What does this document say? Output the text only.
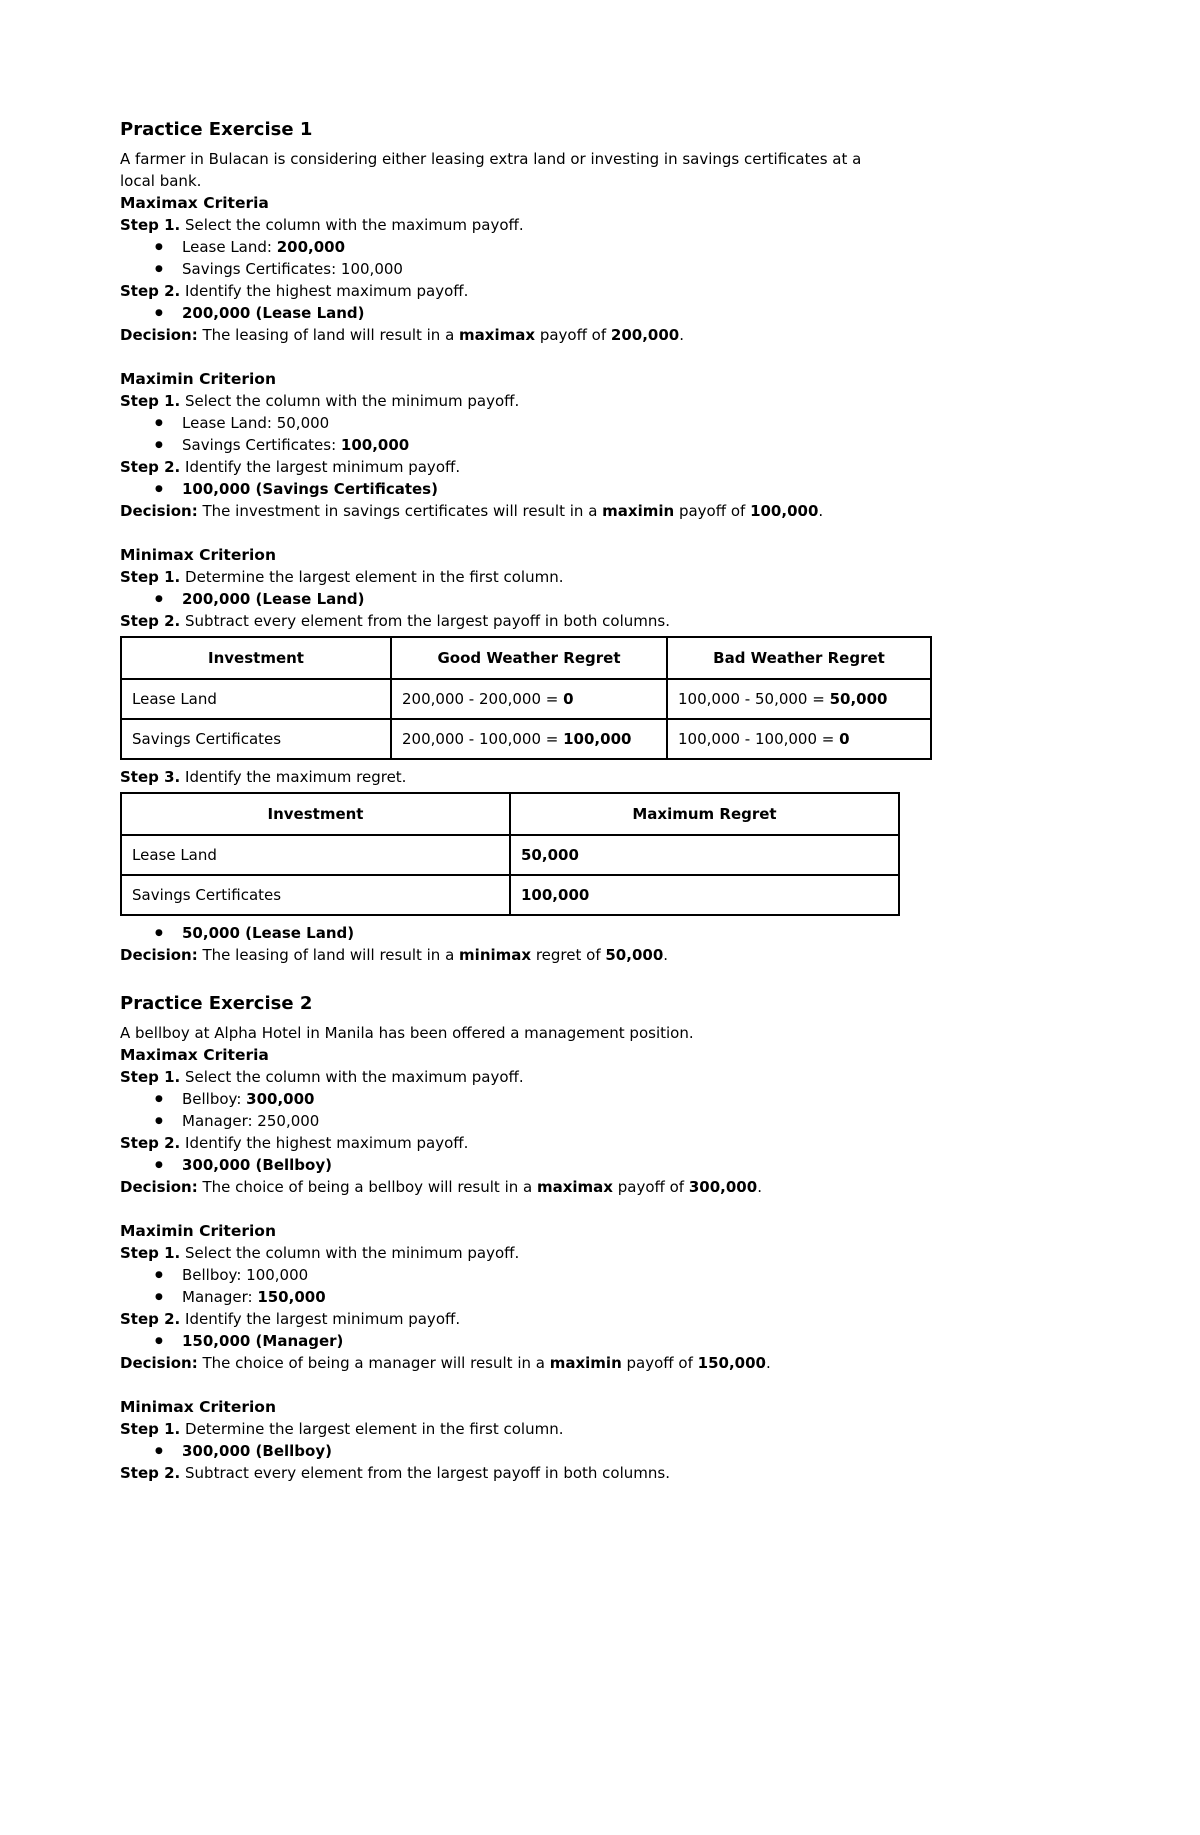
Practice Exercise 1

A farmer in Bulacan is considering either leasing extra land or investing in savings certificates at a local bank.

Maximax Criteria

Step 1. Select the column with the maximum payoff.

● Lease Land: 200,000
● Savings Certificates: 100,000

Step 2. Identify the highest maximum payoff.

● 200,000 (Lease Land)

Decision: The leasing of land will result in a maximax payoff of 200,000.

Maximin Criterion

Step 1. Select the column with the minimum payoff.

● Lease Land: 50,000
● Savings Certificates: 100,000

Step 2. Identify the largest minimum payoff.

● 100,000 (Savings Certificates)

Decision: The investment in savings certificates will result in a maximin payoff of 100,000.

Minimax Criterion

Step 1. Determine the largest element in the first column.

● 200,000 (Lease Land)

Step 2. Subtract every element from the largest payoff in both columns.

Investment	Good Weather Regret	Bad Weather Regret
Lease Land	200,000 - 200,000 = 0	100,000 - 50,000 = 50,000
Savings Certificates	200,000 - 100,000 = 100,000	100,000 - 100,000 = 0

Step 3. Identify the maximum regret.

Investment	Maximum Regret
Lease Land	50,000
Savings Certificates	100,000
● 50,000 (Lease Land)

Decision: The leasing of land will result in a minimax regret of 50,000.

Practice Exercise 2

A bellboy at Alpha Hotel in Manila has been offered a management position.

Maximax Criteria

Step 1. Select the column with the maximum payoff.

● Bellboy: 300,000
● Manager: 250,000

Step 2. Identify the highest maximum payoff.

● 300,000 (Bellboy)

Decision: The choice of being a bellboy will result in a maximax payoff of 300,000.

Maximin Criterion

Step 1. Select the column with the minimum payoff.

● Bellboy: 100,000
● Manager: 150,000

Step 2. Identify the largest minimum payoff.

● 150,000 (Manager)

Decision: The choice of being a manager will result in a maximin payoff of 150,000.

Minimax Criterion

Step 1. Determine the largest element in the first column.

● 300,000 (Bellboy)

Step 2. Subtract every element from the largest payoff in both columns.
